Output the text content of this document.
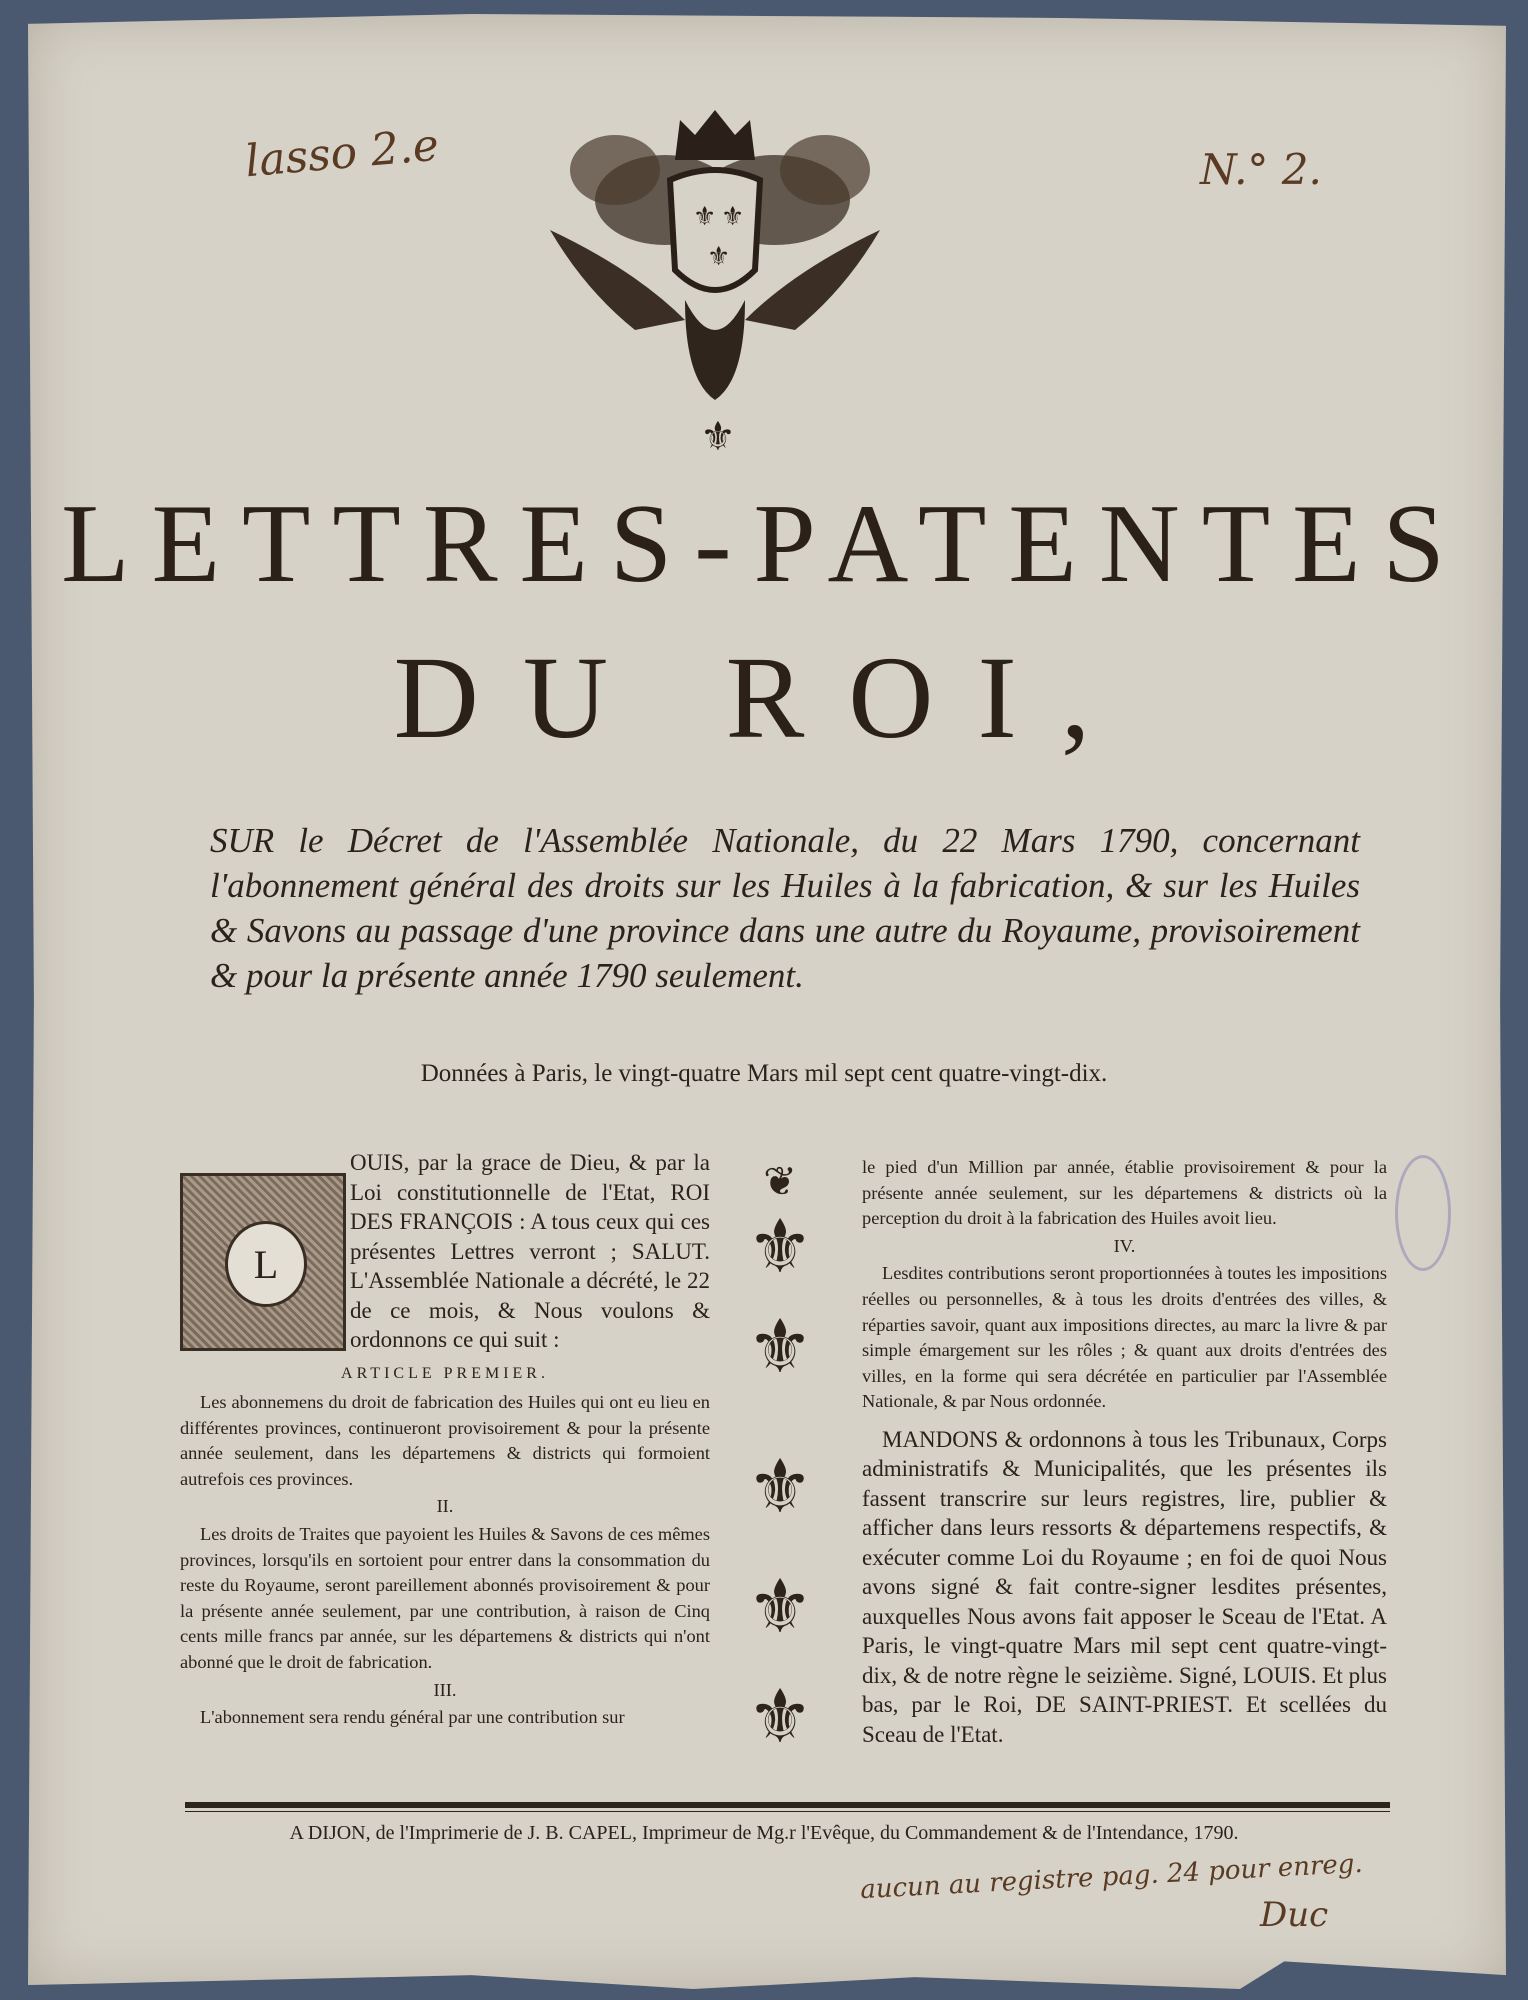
lasso 2.e	N.° 2.
⚜ ⚜
⚜
⚜
LETTRES-PATENTES
DU ROI,
SUR le Décret de l'Assemblée Nationale, du 22 Mars 1790, concernant l'abonnement général des droits sur les Huiles à la fabrication, & sur les Huiles & Savons au passage d'une province dans une autre du Royaume, provisoirement & pour la présente année 1790 seulement.
Données à Paris, le vingt-quatre Mars mil sept cent quatre-vingt-dix.
L

OUIS, par la grace de Dieu, & par la Loi constitutionnelle de l'Etat, ROI DES FRANÇOIS : A tous ceux qui ces présentes Lettres verront ; SALUT. L'Assemblée Nationale a décrété, le 22 de ce mois, & Nous voulons & ordonnons ce qui suit :

ARTICLE PREMIER.

Les abonnemens du droit de fabrication des Huiles qui ont eu lieu en différentes provinces, continueront provisoirement & pour la présente année seulement, dans les départemens & districts qui formoient autrefois ces provinces.

II.

Les droits de Traites que payoient les Huiles & Savons de ces mêmes provinces, lorsqu'ils en sortoient pour entrer dans la consommation du reste du Royaume, seront pareillement abonnés provisoirement & pour la présente année seulement, par une contribution, à raison de Cinq cents mille francs par année, sur les départemens & districts qui n'ont abonné que le droit de fabrication.

III.

L'abonnement sera rendu général par une contribution sur

❦
⚜
⚜
⚜
⚜
⚜

le pied d'un Million par année, établie provisoirement & pour la présente année seulement, sur les départemens & districts où la perception du droit à la fabrication des Huiles avoit lieu.

IV.

Lesdites contributions seront proportionnées à toutes les impositions réelles ou personnelles, & à tous les droits d'entrées des villes, & réparties savoir, quant aux impositions directes, au marc la livre & par simple émargement sur les rôles ; & quant aux droits d'entrées des villes, en la forme qui sera décrétée en particulier par l'Assemblée Nationale, & par Nous ordonnée.

MANDONS & ordonnons à tous les Tribunaux, Corps administratifs & Municipalités, que les présentes ils fassent transcrire sur leurs registres, lire, publier & afficher dans leurs ressorts & départemens respectifs, & exécuter comme Loi du Royaume ; en foi de quoi Nous avons signé & fait contre-signer lesdites présentes, auxquelles Nous avons fait apposer le Sceau de l'Etat. A Paris, le vingt-quatre Mars mil sept cent quatre-vingt-dix, & de notre règne le seizième. Signé, LOUIS. Et plus bas, par le Roi, DE SAINT-PRIEST. Et scellées du Sceau de l'Etat.

A DIJON, de l'Imprimerie de J. B. CAPEL, Imprimeur de Mg.r l'Evêque, du Commandement & de l'Intendance, 1790.
aucun au registre pag. 24 pour enreg.
Duc
